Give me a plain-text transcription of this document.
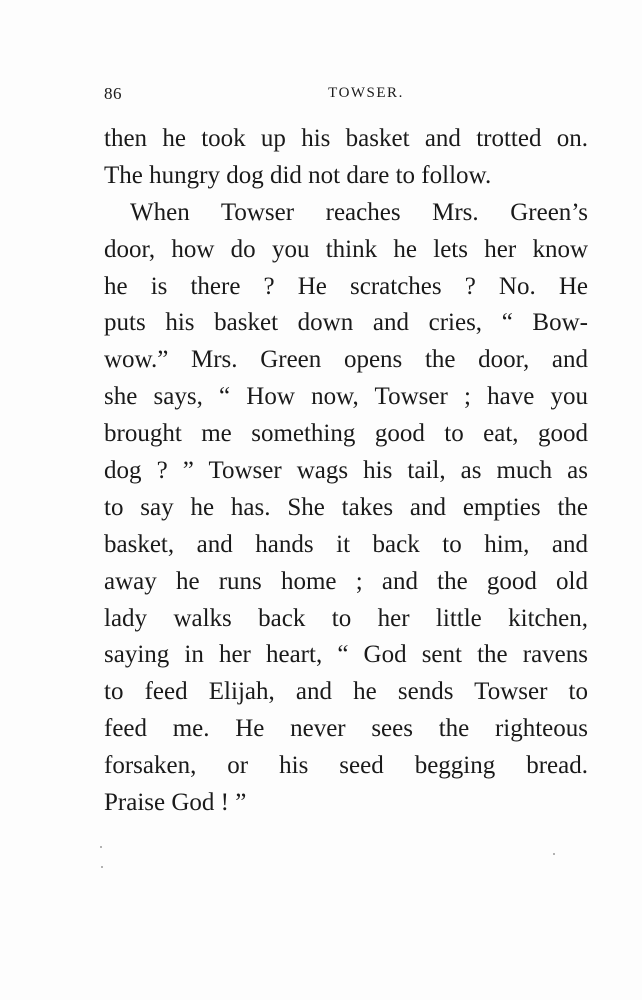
86	TOWSER.
then he took up his basket and trotted on.
The hungry dog did not dare to follow.
When Towser reaches Mrs. Green’s
door, how do you think he lets her know
he is there ? He scratches ? No. He
puts his basket down and cries, “ Bow-
wow.” Mrs. Green opens the door, and
she says, “ How now, Towser ; have you
brought me something good to eat, good
dog ? ” Towser wags his tail, as much as
to say he has. She takes and empties the
basket, and hands it back to him, and
away he runs home ; and the good old
lady walks back to her little kitchen,
saying in her heart, “ God sent the ravens
to feed Elijah, and he sends Towser to
feed me. He never sees the righteous
forsaken, or his seed begging bread.
Praise God ! ”
